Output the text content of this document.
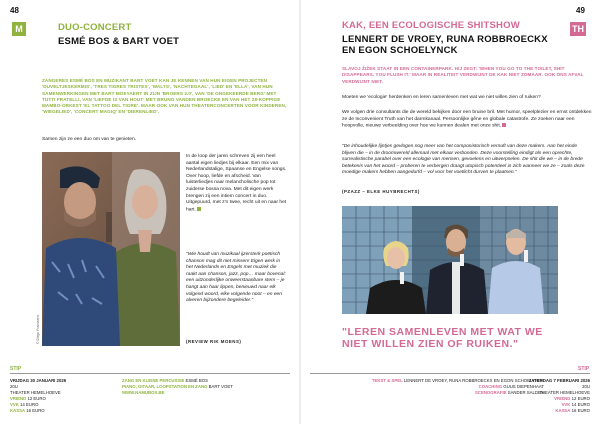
48
M	DUO-CONCERT
ESMÉ BOS & BART VOET
ZANGERES ESMÉ BOS EN MUZIKANT BART VOET KAN JE KENNEN VAN HUN EIGEN PROJECTEN 'DUVELTJESKERMIS', 'TRES TIGRES TRISTES', 'WALTS', 'NACHTEGAAL', 'LIED' EN 'ELLA', VAN HUN SAMENWERKINGEN MET BART MOEYAERT IN ZIJN 'BROERS 2.0', VAN 'DE ONGEKEERDE BERG' MET TUTTI FRATELLI, VAN 'LIEFDE IS VAN HOUT' MET BRUNO VANDEN BROECKE EN VAN HET 28-KOPPIGE MAMBO-ORKEST 'EL TATTOO DEL TIGRE'. MAAR OOK VAN HUN THEATERCONCERTEN VOOR KINDEREN, 'WIEGELIED', 'CONCERT MAGIQ' EN 'DIERENLIED'.
Samen zijn ze een duo om van te genieten.
© Diego Franssens
In de loop der jaren schreven zij een heel aantal eigen liedjes bij elkaar. Een mix van Nederlandstalige, Spaanse en Engelse songs. Over hoop, liefde en afscheid. Van luisterliedjes naar melancholische pop tot zuiderse bossa nova. Met dit eigen werk brengen zij een intiem concert in duo. Uitgepuurd, met z'n twee, recht uit en naar het hart.
"Wie houdt van muzikaal ijzersterk poëtisch chanson mag dit niet missen! Eigen werk in het Nederlands en Engels met muziek die raakt aan chanson, jazz, pop… maar bovenal: een uitzonderlijke onweerstaanbare stem – je hangt aan haar lippen, benieuwd naar elk volgend woord, elke volgende noot – en een alveren bijzondere begeleider."
(REVIEW RIK MOENS)
STIP
VRIJDAG 30 JANUARI 2026
20U
THEATER HEMELHOEVE
VRIEND 12 EURO
VVK 14 EURO
KASSA 16 EURO
ZANG EN KLEINE PERCUSSIE ESMÉ BOS
PIANO, GITAAR, LOOPSTATION EN ZANG BART VOET
WWW.NAMUBOX.BE
49
TH
KAK, EEN ECOLOGISCHE SHITSHOW
LENNERT DE VROEY, RUNA ROBBROECKX
EN EGON SCHOELYNCK
SLAVOJ ŽIŽEK STAAT IN EEN CONTAINERPARK. HIJ ZEGT: 'WHEN YOU GO TO THE TOILET, SHIT DISAPPEARS. YOU FLUSH IT.' MAAR IN REALITEIT VERDWIJNT DE KAK NIET ZOMAAR. OOK ONS AFVAL VERDWIJNT NIET.
Moeten we 'ecologie' herdenken en leren samenleven met wat we niet willen zien of ruiken?
We volgen drie consultants die de wereld bekijken door een bruine bril. Met humor, speelplezier en ernst ontdekken ze de Inconvenient Truth van het darmkanaal. Persoonlijke gêne en globale catastrofe. Ze zoeken naar een hoopvolle, nieuwe verbeelding over hoe we kunnen dealen met onze shit.
"De inhoudelijke lijntjes gevlogen nog meer van het componistorisch vernuft van deze makers. Aan het einde blijven die – in de droomwereld allemaal met elkaar verbonden. Deze voorstelling eindigt als een oprechte, surrealistische parabel over een ecologie van mensen, gevoelens en uitwerpselen. De shit die we – in de brede betekenis van het woord – proberen te verbergen draagt utopisch potentieel in zich wanneer we ze – zoals deze moedige makers hebben aangedurfd – vol voor het voetlicht durven te plaatsen."
(PZAZZ – ELKE HUYBRECHTS)
"LEREN SAMENLEVEN MET WAT WE NIET WILLEN ZIEN OF RUIKEN."
STIP
TEKST & SPEL LENNERT DE VROEY, RUNA ROBBROECKX EN EGON SCHOELYNCK
COACHING GUUS DIEPENHAAT
SCENOGRAFIE SANDER SALDEN
ZATERDAG 7 FEBRUARI 2026
20U
THEATER HEMELHOEVE
VRIEND 12 EURO
VVK 14 EURO
KASSA 16 EURO
